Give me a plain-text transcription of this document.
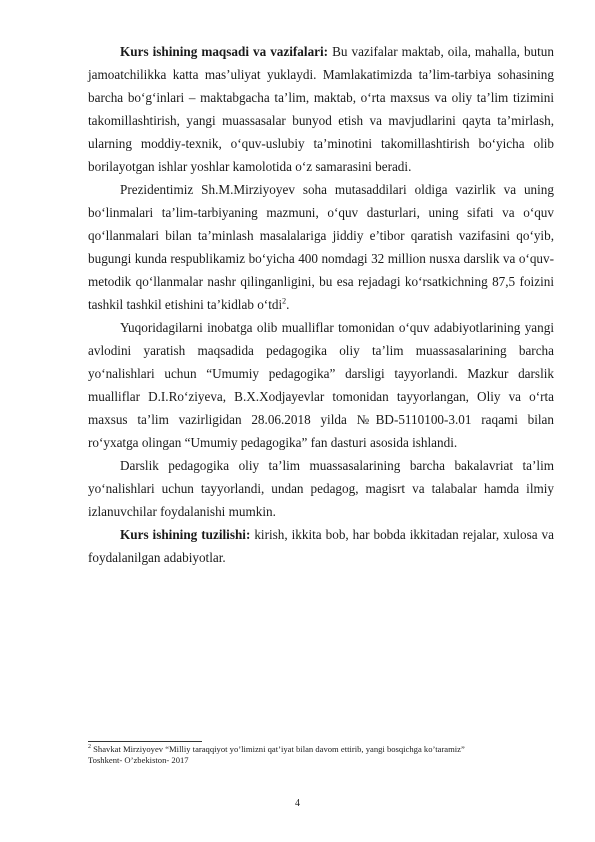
Kurs ishining maqsadi va vazifalari: Bu vazifalar maktab, oila, mahalla, butun jamoatchilikka katta mas’uliyat yuklaydi. Mamlakatimizda ta’lim-tarbiya sohasining barcha bo‘g‘inlari – maktabgacha ta’lim, maktab, o‘rta maxsus va oliy ta’lim tizimini takomillashtirish, yangi muassasalar bunyod etish va mavjudlarini qayta ta’mirlash, ularning moddiy-texnik, o‘quv-uslubiy ta’minotini takomillashtirish bo‘yicha olib borilayotgan ishlar yoshlar kamolotida o‘z samarasini beradi.

Prezidentimiz Sh.M.Mirziyoyev soha mutasaddilari oldiga vazirlik va uning bo‘linmalari ta’lim-tarbiyaning mazmuni, o‘quv dasturlari, uning sifati va o‘quv qo‘llanmalari bilan ta’minlash masalalariga jiddiy e’tibor qaratish vazifasini qo‘yib, bugungi kunda respublikamiz bo‘yicha 400 nomdagi 32 million nusxa darslik va o‘quv-metodik qo‘llanmalar nashr qilinganligini, bu esa rejadagi ko‘rsatkichning 87,5 foizini tashkil tashkil etishini ta’kidlab o‘tdi$^2$.

Yuqoridagilarni inobatga olib mualliflar tomonidan o‘quv adabiyotlarining yangi avlodini yaratish maqsadida pedagogika oliy ta’lim muassasalarining barcha yo‘nalishlari uchun “Umumiy pedagogika” darsligi tayyorlandi. Mazkur darslik mualliflar D.I.Ro‘ziyeva, B.X.Xodjayevlar tomonidan tayyorlangan, Oliy va o‘rta maxsus ta’lim vazirligidan 28.06.2018 yilda №BD-5110100-3.01 raqami bilan ro‘yxatga olingan “Umumiy pedagogika” fan dasturi asosida ishlandi.

Darslik pedagogika oliy ta’lim muassasalarining barcha bakalavriat ta’lim yo‘nalishlari uchun tayyorlandi, undan pedagog, magisrt va talabalar hamda ilmiy izlanuvchilar foydalanishi mumkin.

Kurs ishining tuzilishi: kirish, ikkita bob, har bobda ikkitadan rejalar, xulosa va foydalanilgan adabiyotlar.

$^2$ Shavkat Mirziyoyev “Milliy taraqqiyot yo’limizni qat’iyat bilan davom ettirib, yangi bosqichga ko’taramiz”
Toshkent- O’zbekiston- 2017
4
